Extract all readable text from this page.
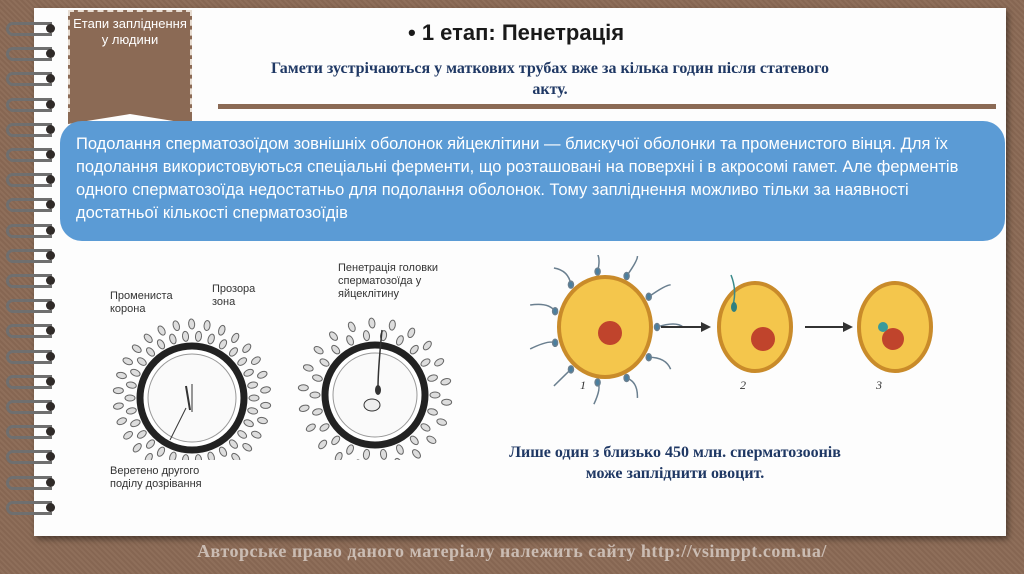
Етапи запліднення у людини	• 1 етап: Пенетрація
Гамети зустрічаються у маткових трубах вже за кілька годин після статевого акту.
Подолання сперматозоїдом зовнішніх оболонок яйцеклітини — блискучої оболонки та променистого вінця. Для їх подолання використовуються спеціальні ферменти, що розташовані на поверхні і в акросомі гамет. Але ферментів одного сперматозоїда недостатньо для подолання оболонок. Тому запліднення можливо тільки за наявності достатньої кількості сперматозоїдів
Промениста корона
Прозора зона
Веретено другого поділу дозрівання
Пенетрація головки сперматозоїда у яйцеклітину
1	2	3
Лише один з близько 450 млн. сперматозоонів може запліднити овоцит.
Авторське право даного матеріалу належить сайту http://vsimppt.com.ua/
